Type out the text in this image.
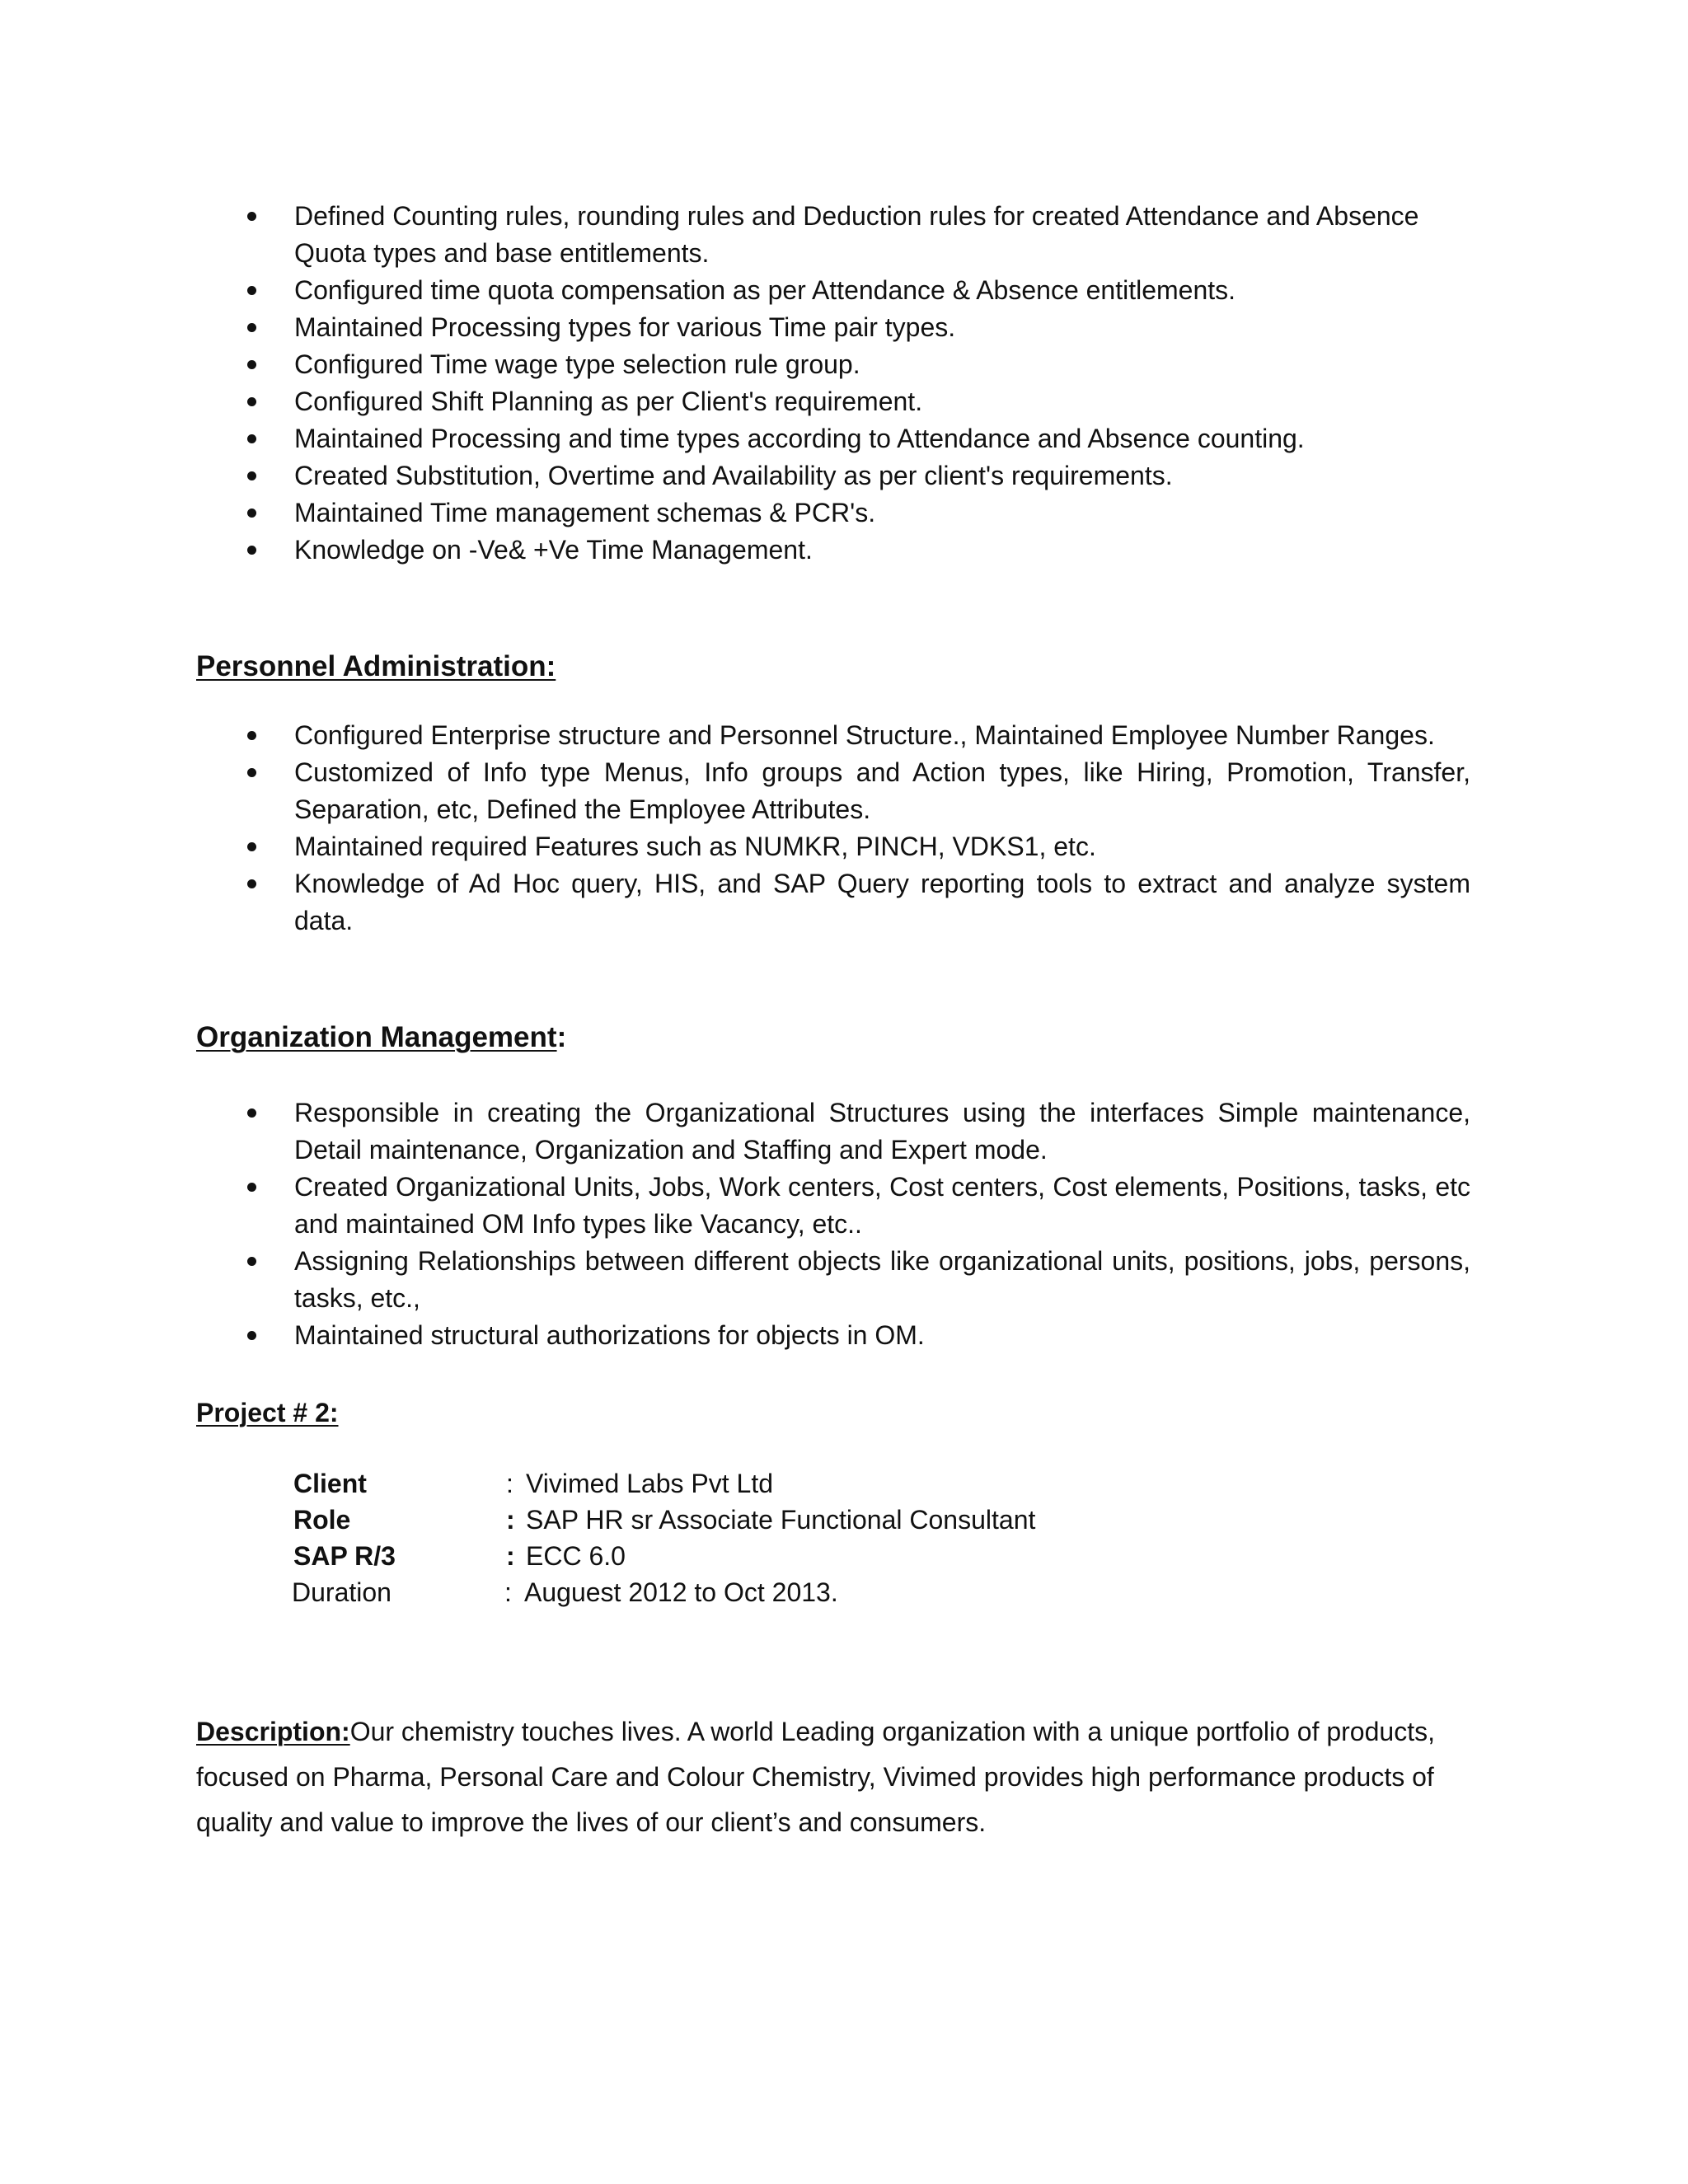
Defined Counting rules, rounding rules and Deduction rules for created Attendance and Absence Quota types and base entitlements.
Configured time quota compensation as per Attendance & Absence entitlements.
Maintained Processing types for various Time pair types.
Configured Time wage type selection rule group.
Configured Shift Planning as per Client's requirement.
Maintained Processing and time types according to Attendance and Absence counting.
Created Substitution, Overtime and Availability as per client's requirements.
Maintained Time management schemas & PCR's.
Knowledge on -Ve& +Ve Time Management.
Personnel Administration:
Configured Enterprise structure and Personnel Structure., Maintained Employee Number Ranges.
Customized of Info type Menus, Info groups and Action types, like Hiring, Promotion, Transfer, Separation, etc, Defined the Employee Attributes.
Maintained required Features such as NUMKR, PINCH, VDKS1, etc.
Knowledge of Ad Hoc query, HIS, and SAP Query reporting tools to extract and analyze system data.
Organization Management:
Responsible in creating the Organizational Structures using the interfaces Simple maintenance, Detail maintenance, Organization and Staffing and Expert mode.
Created Organizational Units, Jobs, Work centers, Cost centers, Cost elements, Positions, tasks, etc and maintained OM Info types like Vacancy, etc..
Assigning Relationships between different objects like organizational units, positions, jobs, persons, tasks, etc.,
Maintained structural authorizations for objects in OM.
Project # 2:
Client	: Vivimed Labs Pvt Ltd
Role	: SAP HR sr Associate Functional Consultant
SAP R/3	: ECC 6.0
Duration	: Auguest 2012 to Oct 2013.
Description:Our chemistry touches lives. A world Leading organization with a unique portfolio of products, focused on Pharma, Personal Care and Colour Chemistry, Vivimed provides high performance products of quality and value to improve the lives of our client’s and consumers.
